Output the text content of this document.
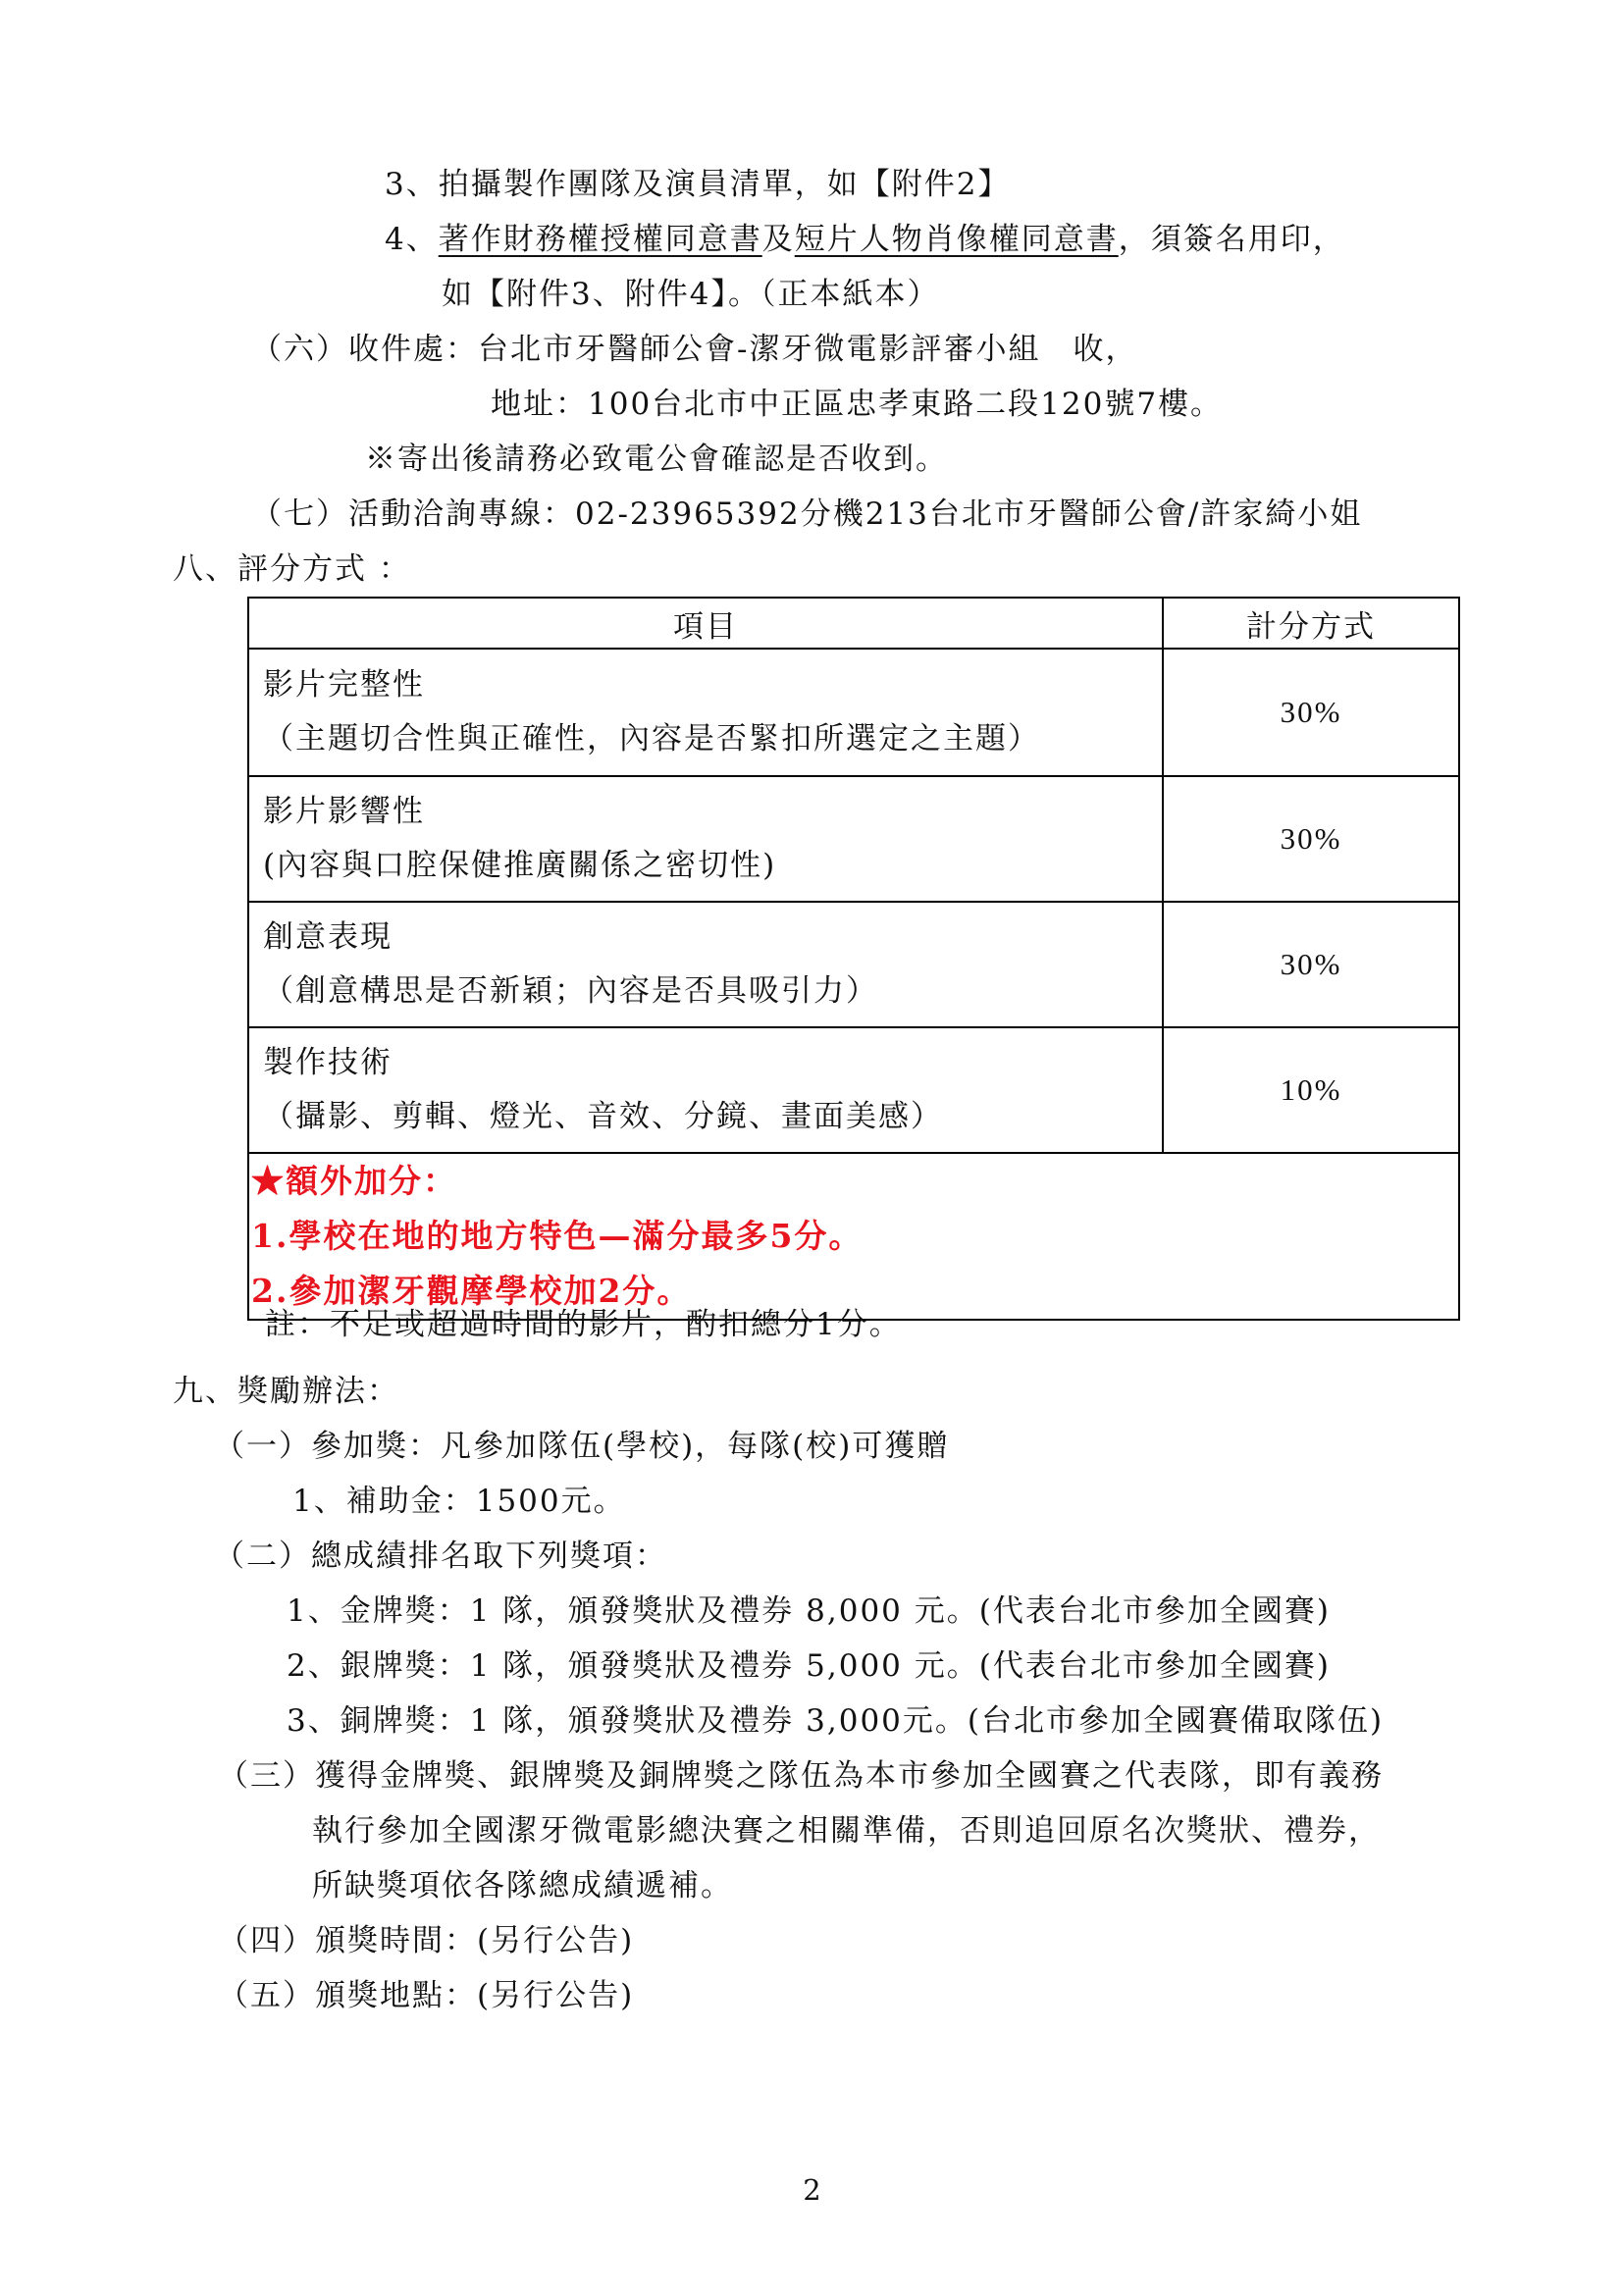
3、拍攝製作團隊及演員清單，如【附件2】
4、著作財務權授權同意書及短片人物肖像權同意書，須簽名用印，
如【附件3、附件4】。（正本紙本）
（六）收件處：台北市牙醫師公會-潔牙微電影評審小組　收，
地址：100台北市中正區忠孝東路二段120號7樓。
※寄出後請務必致電公會確認是否收到。
（七）活動洽詢專線：02-23965392分機213台北市牙醫師公會/許家綺小姐
八、評分方式 ：
項目	計分方式

影片完整性
（主題切合性與正確性，內容是否緊扣所選定之主題）	30%

影片影響性
(內容與口腔保健推廣關係之密切性)	30%

創意表現
（創意構思是否新穎；內容是否具吸引力）	30%

製作技術
（攝影、剪輯、燈光、音效、分鏡、畫面美感）	10%

★額外加分：
1.學校在地的地方特色—滿分最多5分。
2.參加潔牙觀摩學校加2分。	
註：不足或超過時間的影片，酌扣總分1分。
九、獎勵辦法：
（一）參加獎：凡參加隊伍(學校)，每隊(校)可獲贈
1、補助金：1500元。
（二）總成績排名取下列獎項：
1、金牌獎：1 隊，頒發獎狀及禮券 8,000 元。(代表台北市參加全國賽)
2、銀牌獎：1 隊，頒發獎狀及禮券 5,000 元。(代表台北市參加全國賽)
3、銅牌獎：1 隊，頒發獎狀及禮券 3,000元。(台北市參加全國賽備取隊伍)
（三）獲得金牌獎、銀牌獎及銅牌獎之隊伍為本市參加全國賽之代表隊，即有義務
執行參加全國潔牙微電影總決賽之相關準備，否則追回原名次獎狀、禮券，
所缺獎項依各隊總成績遞補。
（四）頒獎時間：(另行公告)
（五）頒獎地點：(另行公告)
2
